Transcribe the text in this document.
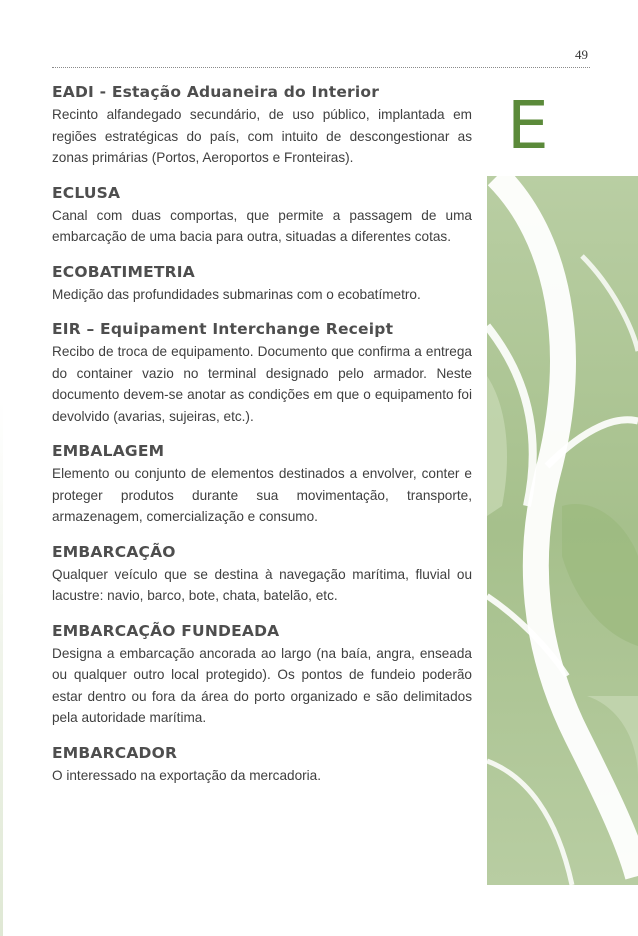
49
E
EADI - Estação Aduaneira do Interior

Recinto alfandegado secundário, de uso público, implantada em regiões estratégicas do país, com intuito de descongestionar as zonas primárias (Portos, Aeroportos e Fronteiras).

ECLUSA

Canal com duas comportas, que permite a passagem de uma embarcação de uma bacia para outra, situadas a diferentes cotas.

ECOBATIMETRIA

Medição das profundidades submarinas com o ecobatímetro.

EIR – Equipament Interchange Receipt

Recibo de troca de equipamento. Documento que confirma a entrega do container vazio no terminal designado pelo armador. Neste documento devem-se anotar as condições em que o equipamento foi devolvido (avarias, sujeiras, etc.).

EMBALAGEM

Elemento ou conjunto de elementos destinados a envolver, conter e proteger produtos durante sua movimentação, transporte, armazenagem, comercialização e consumo.

EMBARCAÇÃO

Qualquer veículo que se destina à navegação marítima, fluvial ou lacustre: navio, barco, bote, chata, batelão, etc.

EMBARCAÇÃO FUNDEADA

Designa a embarcação ancorada ao largo (na baía, angra, enseada ou qualquer outro local protegido). Os pontos de fundeio poderão estar dentro ou fora da área do porto organizado e são delimitados pela autoridade marítima.

EMBARCADOR

O interessado na exportação da mercadoria.
